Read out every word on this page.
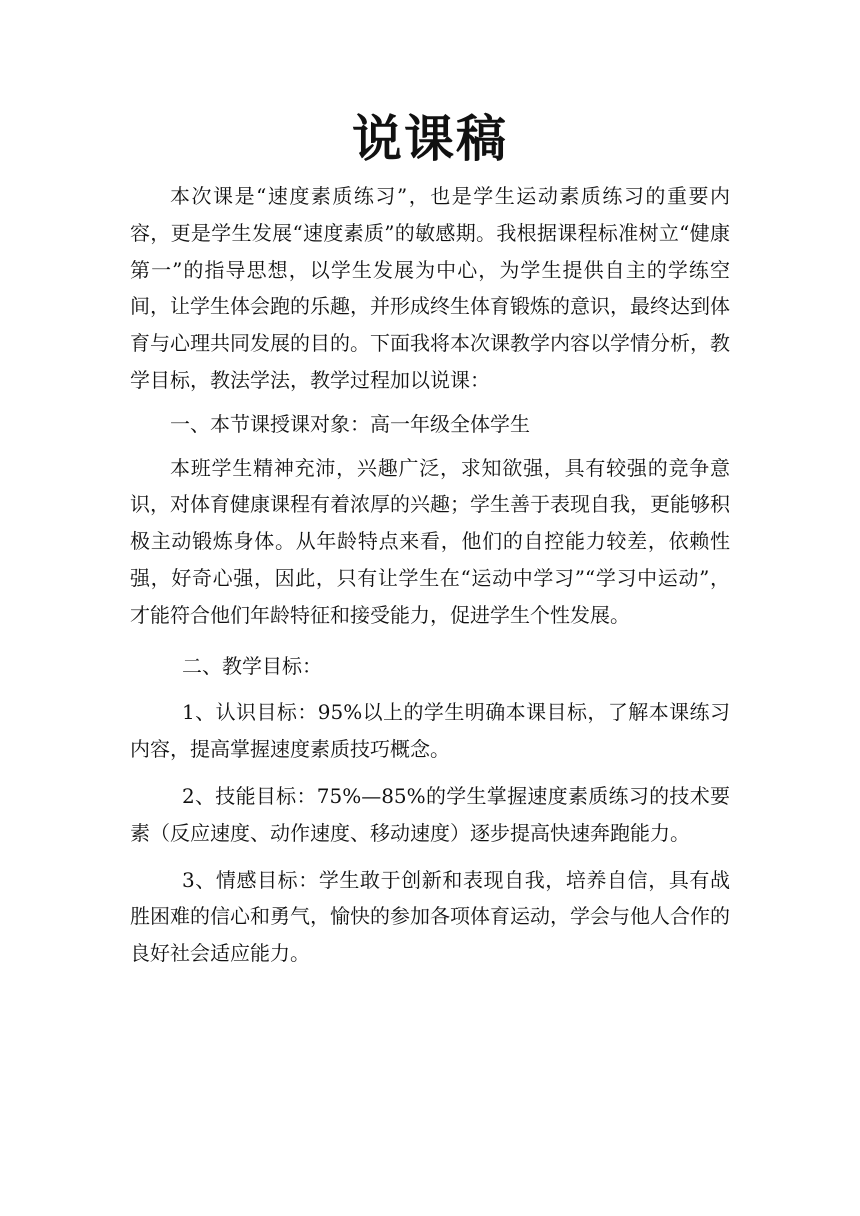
说课稿

本次课是“速度素质练习”，也是学生运动素质练习的重要内容，更是学生发展“速度素质”的敏感期。我根据课程标准树立“健康第一”的指导思想，以学生发展为中心，为学生提供自主的学练空间，让学生体会跑的乐趣，并形成终生体育锻炼的意识，最终达到体育与心理共同发展的目的。下面我将本次课教学内容以学情分析，教学目标，教法学法，教学过程加以说课：

一、本节课授课对象：高一年级全体学生

本班学生精神充沛，兴趣广泛，求知欲强，具有较强的竞争意识，对体育健康课程有着浓厚的兴趣；学生善于表现自我，更能够积极主动锻炼身体。从年龄特点来看，他们的自控能力较差，依赖性强，好奇心强，因此，只有让学生在“运动中学习”“学习中运动”，才能符合他们年龄特征和接受能力，促进学生个性发展。

二、教学目标：

1、认识目标：95%以上的学生明确本课目标，了解本课练习内容，提高掌握速度素质技巧概念。

2、技能目标：75%—85%的学生掌握速度素质练习的技术要素（反应速度、动作速度、移动速度）逐步提高快速奔跑能力。

3、情感目标：学生敢于创新和表现自我，培养自信，具有战胜困难的信心和勇气，愉快的参加各项体育运动，学会与他人合作的良好社会适应能力。
